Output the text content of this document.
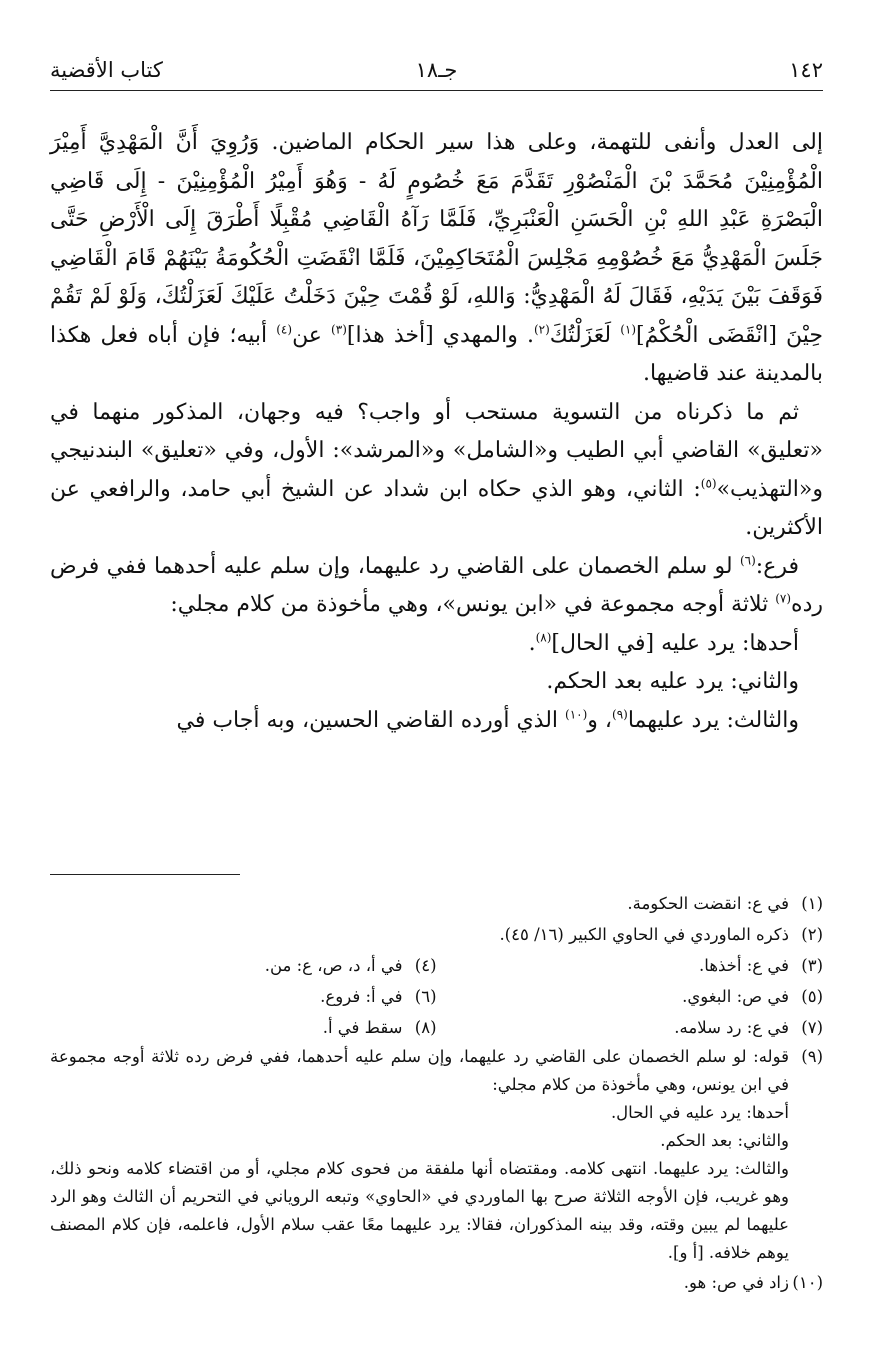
١٤٢
جـ١٨
كتاب الأقضية

إلى العدل وأنفى للتهمة، وعلى هذا سير الحكام الماضين. وَرُوِيَ أَنَّ الْمَهْدِيَّ أَمِيْرَ الْمُؤْمِنِيْنَ مُحَمَّدَ بْنَ الْمَنْصُوْرِ تَقَدَّمَ مَعَ خُصُومٍ لَهُ - وَهُوَ أَمِيْرُ الْمُؤْمِنِيْنَ - إِلَى قَاضِي الْبَصْرَةِ عَبْدِ اللهِ بْنِ الْحَسَنِ الْعَنْبَرِيِّ، فَلَمَّا رَآهُ الْقَاضِي مُقْبِلًا أَطْرَقَ إِلَى الْأَرْضِ حَتَّى جَلَسَ الْمَهْدِيُّ مَعَ خُصُوْمِهِ مَجْلِسَ الْمُتَحَاكِمِيْنَ، فَلَمَّا انْقَضَتِ الْحُكُومَةُ بَيْنَهُمْ قَامَ الْقَاضِي فَوَقَفَ بَيْنَ يَدَيْهِ، فَقَالَ لَهُ الْمَهْدِيُّ: وَاللهِ، لَوْ قُمْتَ حِيْنَ دَخَلْتُ عَلَيْكَ لَعَزَلْتُكَ، وَلَوْ لَمْ تَقُمْ حِيْنَ [انْقَضَى الْحُكْمُ]$^{(١)}$ لَعَزَلْتُكَ$^{(٢)}$. والمهدي [أخذ هذا]$^{(٣)}$ عن$^{(٤)}$ أبيه؛ فإن أباه فعل هكذا بالمدينة عند قاضيها.

ثم ما ذكرناه من التسوية مستحب أو واجب؟ فيه وجهان، المذكور منهما في «تعليق» القاضي أبي الطيب و«الشامل» و«المرشد»: الأول، وفي «تعليق» البندنيجي و«التهذيب»$^{(٥)}$: الثاني، وهو الذي حكاه ابن شداد عن الشيخ أبي حامد، والرافعي عن الأكثرين.

فرع:$^{(٦)}$ لو سلم الخصمان على القاضي رد عليهما، وإن سلم عليه أحدهما ففي فرض رده$^{(٧)}$ ثلاثة أوجه مجموعة في «ابن يونس»، وهي مأخوذة من كلام مجلي:

أحدها: يرد عليه [في الحال]$^{(٨)}$.

والثاني: يرد عليه بعد الحكم.

والثالث: يرد عليهما$^{(٩)}$، و$^{(١٠)}$ الذي أورده القاضي الحسين، وبه أجاب في

(١)
في ع: انقضت الحكومة.
(٢)
ذكره الماوردي في الحاوي الكبير (١٦/ ٤٥).
(٣)
في ع: أخذها.
(٤)
في أ، د، ص، ع: من.
(٥)
في ص: البغوي.
(٦)
في أ: فروع.
(٧)
في ع: رد سلامه.
(٨)
سقط في أ.
(٩)
قوله: لو سلم الخصمان على القاضي رد عليهما، وإن سلم عليه أحدهما، ففي فرض رده ثلاثة أوجه مجموعة في ابن يونس، وهي مأخوذة من كلام مجلي:
أحدها: يرد عليه في الحال.
والثاني: بعد الحكم.
والثالث: يرد عليهما. انتهى كلامه. ومقتضاه أنها ملفقة من فحوى كلام مجلي، أو من اقتضاء كلامه ونحو ذلك، وهو غريب، فإن الأوجه الثلاثة صرح بها الماوردي في «الحاوي» وتبعه الروياني في التحريم أن الثالث وهو الرد عليهما لم يبين وقته، وقد بينه المذكوران، فقالا: يرد عليهما معًا عقب سلام الأول، فاعلمه، فإن كلام المصنف يوهم خلافه. [أ و].
(١٠)
زاد في ص: هو.
